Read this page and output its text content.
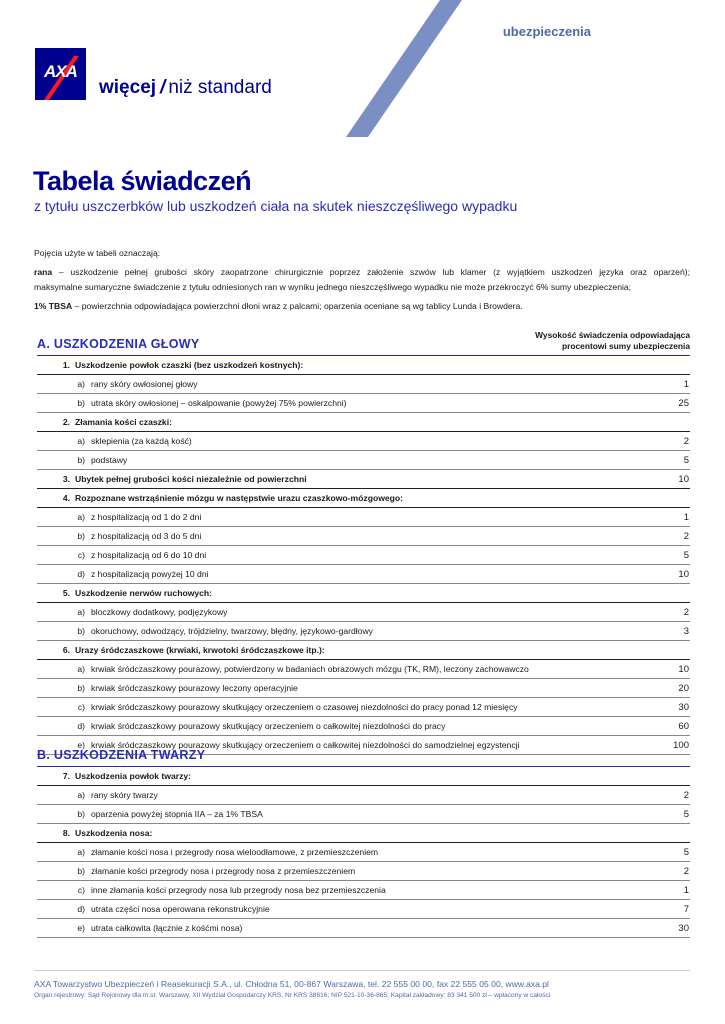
ubezpieczenia
AXA
więcej / niż standard
Tabela świadczeń
z tytułu uszczerbków lub uszkodzeń ciała na skutek nieszczęśliwego wypadku

Pojęcia użyte w tabeli oznaczają:

rana – uszkodzenie pełnej grubości skóry zaopatrzone chirurgicznie poprzez założenie szwów lub klamer (z wyjątkiem uszkodzeń języka oraz oparzeń);

maksymalne sumaryczne świadczenie z tytułu odniesionych ran w wyniku jednego nieszczęśliwego wypadku nie może przekroczyć 6% sumy ubezpieczenia;

1% TBSA – powierzchnia odpowiadająca powierzchni dłoni wraz z palcami; oparzenia oceniane są wg tablicy Lunda i Browdera.

Wysokość świadczenia odpowiadająca
procentowi sumy ubezpieczenia
A. USZKODZENIA GŁOWY
1. Uszkodzenie powłok czaszki (bez uszkodzeń kostnych):
a) rany skóry owłosionej głowy	1
b) utrata skóry owłosionej – oskalpowanie (powyżej 75% powierzchni)	25
2. Złamania kości czaszki:
a) sklepienia (za każdą kość)	2
b) podstawy	5
3. Ubytek pełnej grubości kości niezależnie od powierzchni	10
4. Rozpoznane wstrząśnienie mózgu w następstwie urazu czaszkowo-mózgowego:
a) z hospitalizacją od 1 do 2 dni	1
b) z hospitalizacją od 3 do 5 dni	2
c) z hospitalizacją od 6 do 10 dni	5
d) z hospitalizacją powyżej 10 dni	10
5. Uszkodzenie nerwów ruchowych:
a) bloczkowy dodatkowy, podjęzykowy	2
b) okoruchowy, odwodzący, trójdzielny, twarzowy, błędny, językowo-gardłowy	3
6. Urazy śródczaszkowe (krwiaki, krwotoki śródczaszkowe itp.):
a) krwiak śródczaszkowy pourazowy, potwierdzony w badaniach obrazowych mózgu (TK, RM), leczony zachowawczo	10
b) krwiak śródczaszkowy pourazowy leczony operacyjnie	20
c) krwiak śródczaszkowy pourazowy skutkujący orzeczeniem o czasowej niezdolności do pracy ponad 12 miesięcy	30
d) krwiak śródczaszkowy pourazowy skutkujący orzeczeniem o całkowitej niezdolności do pracy	60
e) krwiak śródczaszkowy pourazowy skutkujący orzeczeniem o całkowitej niezdolności do samodzielnej egzystencji	100
B. USZKODZENIA TWARZY
7. Uszkodzenia powłok twarzy:
a) rany skóry twarzy	2
b) oparzenia powyżej stopnia IIA – za 1% TBSA	5
8. Uszkodzenia nosa:
a) złamanie kości nosa i przegrody nosa wieloodłamowe, z przemieszczeniem	5
b) złamanie kości przegrody nosa i przegrody nosa z przemieszczeniem	2
c) inne złamania kości przegrody nosa lub przegrody nosa bez przemieszczenia	1
d) utrata części nosa operowana rekonstrukcyjnie	7
e) utrata całkowita (łącznie z kośćmi nosa)	30
AXA Towarzystwo Ubezpieczeń i Reasekuracji S.A., ul. Chłodna 51, 00-867 Warszawa, tel. 22 555 00 00, fax 22 555 05 00, www.axa.pl
Organ rejestrowy: Sąd Rejonowy dla m.st. Warszawy, XII Wydział Gospodarczy KRS, Nr KRS 38616; NIP 521-10-36-865; Kapitał zakładowy: 83 341 500 zł – wpłacony w całości
